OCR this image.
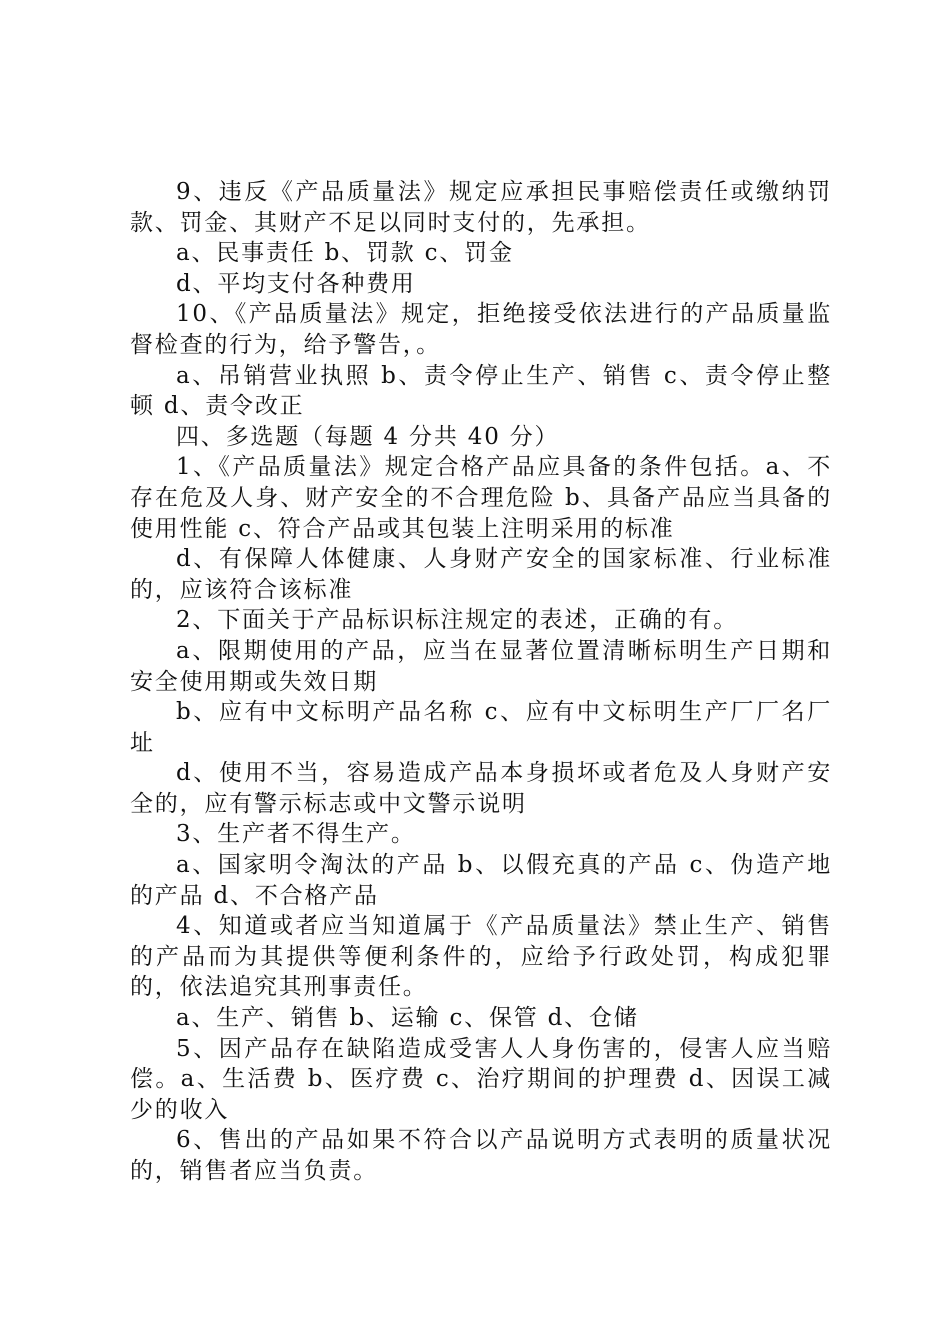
9、违反《产品质量法》规定应承担民事赔偿责任或缴纳罚款、罚金、其财产不足以同时支付的，先承担。

a、民事责任 b、罚款 c、罚金

d、平均支付各种费用

10、《产品质量法》规定，拒绝接受依法进行的产品质量监督检查的行为，给予警告，。

a、吊销营业执照 b、责令停止生产、销售 c、责令停止整顿 d、责令改正

四、多选题（每题 4 分共 40 分）

1、《产品质量法》规定合格产品应具备的条件包括。a、不存在危及人身、财产安全的不合理危险 b、具备产品应当具备的使用性能 c、符合产品或其包装上注明采用的标准

d、有保障人体健康、人身财产安全的国家标准、行业标准的，应该符合该标准

2、下面关于产品标识标注规定的表述，正确的有。

a、限期使用的产品，应当在显著位置清晰标明生产日期和安全使用期或失效日期

b、应有中文标明产品名称 c、应有中文标明生产厂厂名厂址

d、使用不当，容易造成产品本身损坏或者危及人身财产安全的，应有警示标志或中文警示说明

3、生产者不得生产。

a、国家明令淘汰的产品 b、以假充真的产品 c、伪造产地的产品 d、不合格产品

4、知道或者应当知道属于《产品质量法》禁止生产、销售的产品而为其提供等便利条件的，应给予行政处罚，构成犯罪的，依法追究其刑事责任。

a、生产、销售 b、运输 c、保管 d、仓储

5、因产品存在缺陷造成受害人人身伤害的，侵害人应当赔偿。a、生活费 b、医疗费 c、治疗期间的护理费 d、因误工减少的收入

6、售出的产品如果不符合以产品说明方式表明的质量状况的，销售者应当负责。
